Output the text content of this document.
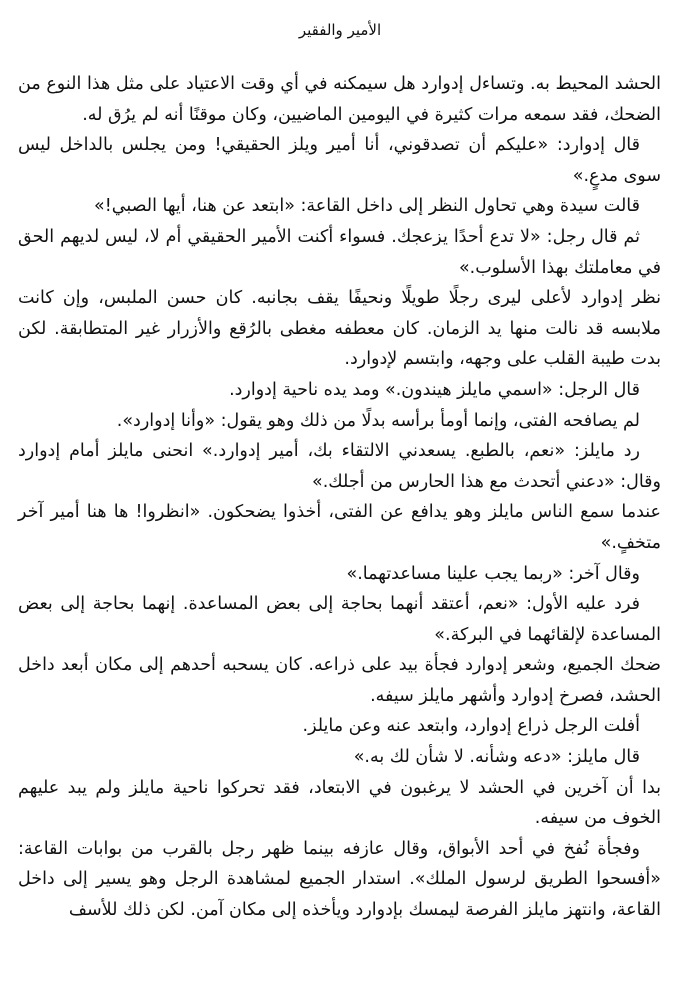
الأمير والفقير

الحشد المحيط به. وتساءل إدوارد هل سيمكنه في أي وقت الاعتياد على مثل هذا النوع من الضحك، فقد سمعه مرات كثيرة في اليومين الماضيين، وكان موقنًا أنه لم يرُق له.

قال إدوارد: «عليكم أن تصدقوني، أنا أمير ويلز الحقيقي! ومن يجلس بالداخل ليس سوى مدعٍ.»

قالت سيدة وهي تحاول النظر إلى داخل القاعة: «ابتعد عن هنا، أيها الصبي!»

ثم قال رجل: «لا تدع أحدًا يزعجك. فسواء أكنت الأمير الحقيقي أم لا، ليس لديهم الحق في معاملتك بهذا الأسلوب.»

نظر إدوارد لأعلى ليرى رجلًا طويلًا ونحيفًا يقف بجانبه. كان حسن الملبس، وإن كانت ملابسه قد نالت منها يد الزمان. كان معطفه مغطى بالرُقع والأزرار غير المتطابقة. لكن بدت طيبة القلب على وجهه، وابتسم لإدوارد.

قال الرجل: «اسمي مايلز هيندون.» ومد يده ناحية إدوارد.

لم يصافحه الفتى، وإنما أومأ برأسه بدلًا من ذلك وهو يقول: «وأنا إدوارد».

رد مايلز: «نعم، بالطبع. يسعدني الالتقاء بك، أمير إدوارد.» انحنى مايلز أمام إدوارد وقال: «دعني أتحدث مع هذا الحارس من أجلك.»

عندما سمع الناس مايلز وهو يدافع عن الفتى، أخذوا يضحكون. «انظروا! ها هنا أمير آخر متخفٍ.»

وقال آخر: «ربما يجب علينا مساعدتهما.»

فرد عليه الأول: «نعم، أعتقد أنهما بحاجة إلى بعض المساعدة. إنهما بحاجة إلى بعض المساعدة لإلقائهما في البركة.»

ضحك الجميع، وشعر إدوارد فجأة بيد على ذراعه. كان يسحبه أحدهم إلى مكان أبعد داخل الحشد، فصرخ إدوارد وأشهر مايلز سيفه.

أفلت الرجل ذراع إدوارد، وابتعد عنه وعن مايلز.

قال مايلز: «دعه وشأنه. لا شأن لك به.»

بدا أن آخرين في الحشد لا يرغبون في الابتعاد، فقد تحركوا ناحية مايلز ولم يبد عليهم الخوف من سيفه.

وفجأة نُفخ في أحد الأبواق، وقال عازفه بينما ظهر رجل بالقرب من بوابات القاعة: «أفسحوا الطريق لرسول الملك». استدار الجميع لمشاهدة الرجل وهو يسير إلى داخل القاعة، وانتهز مايلز الفرصة ليمسك بإدوارد ويأخذه إلى مكان آمن. لكن ذلك للأسف
